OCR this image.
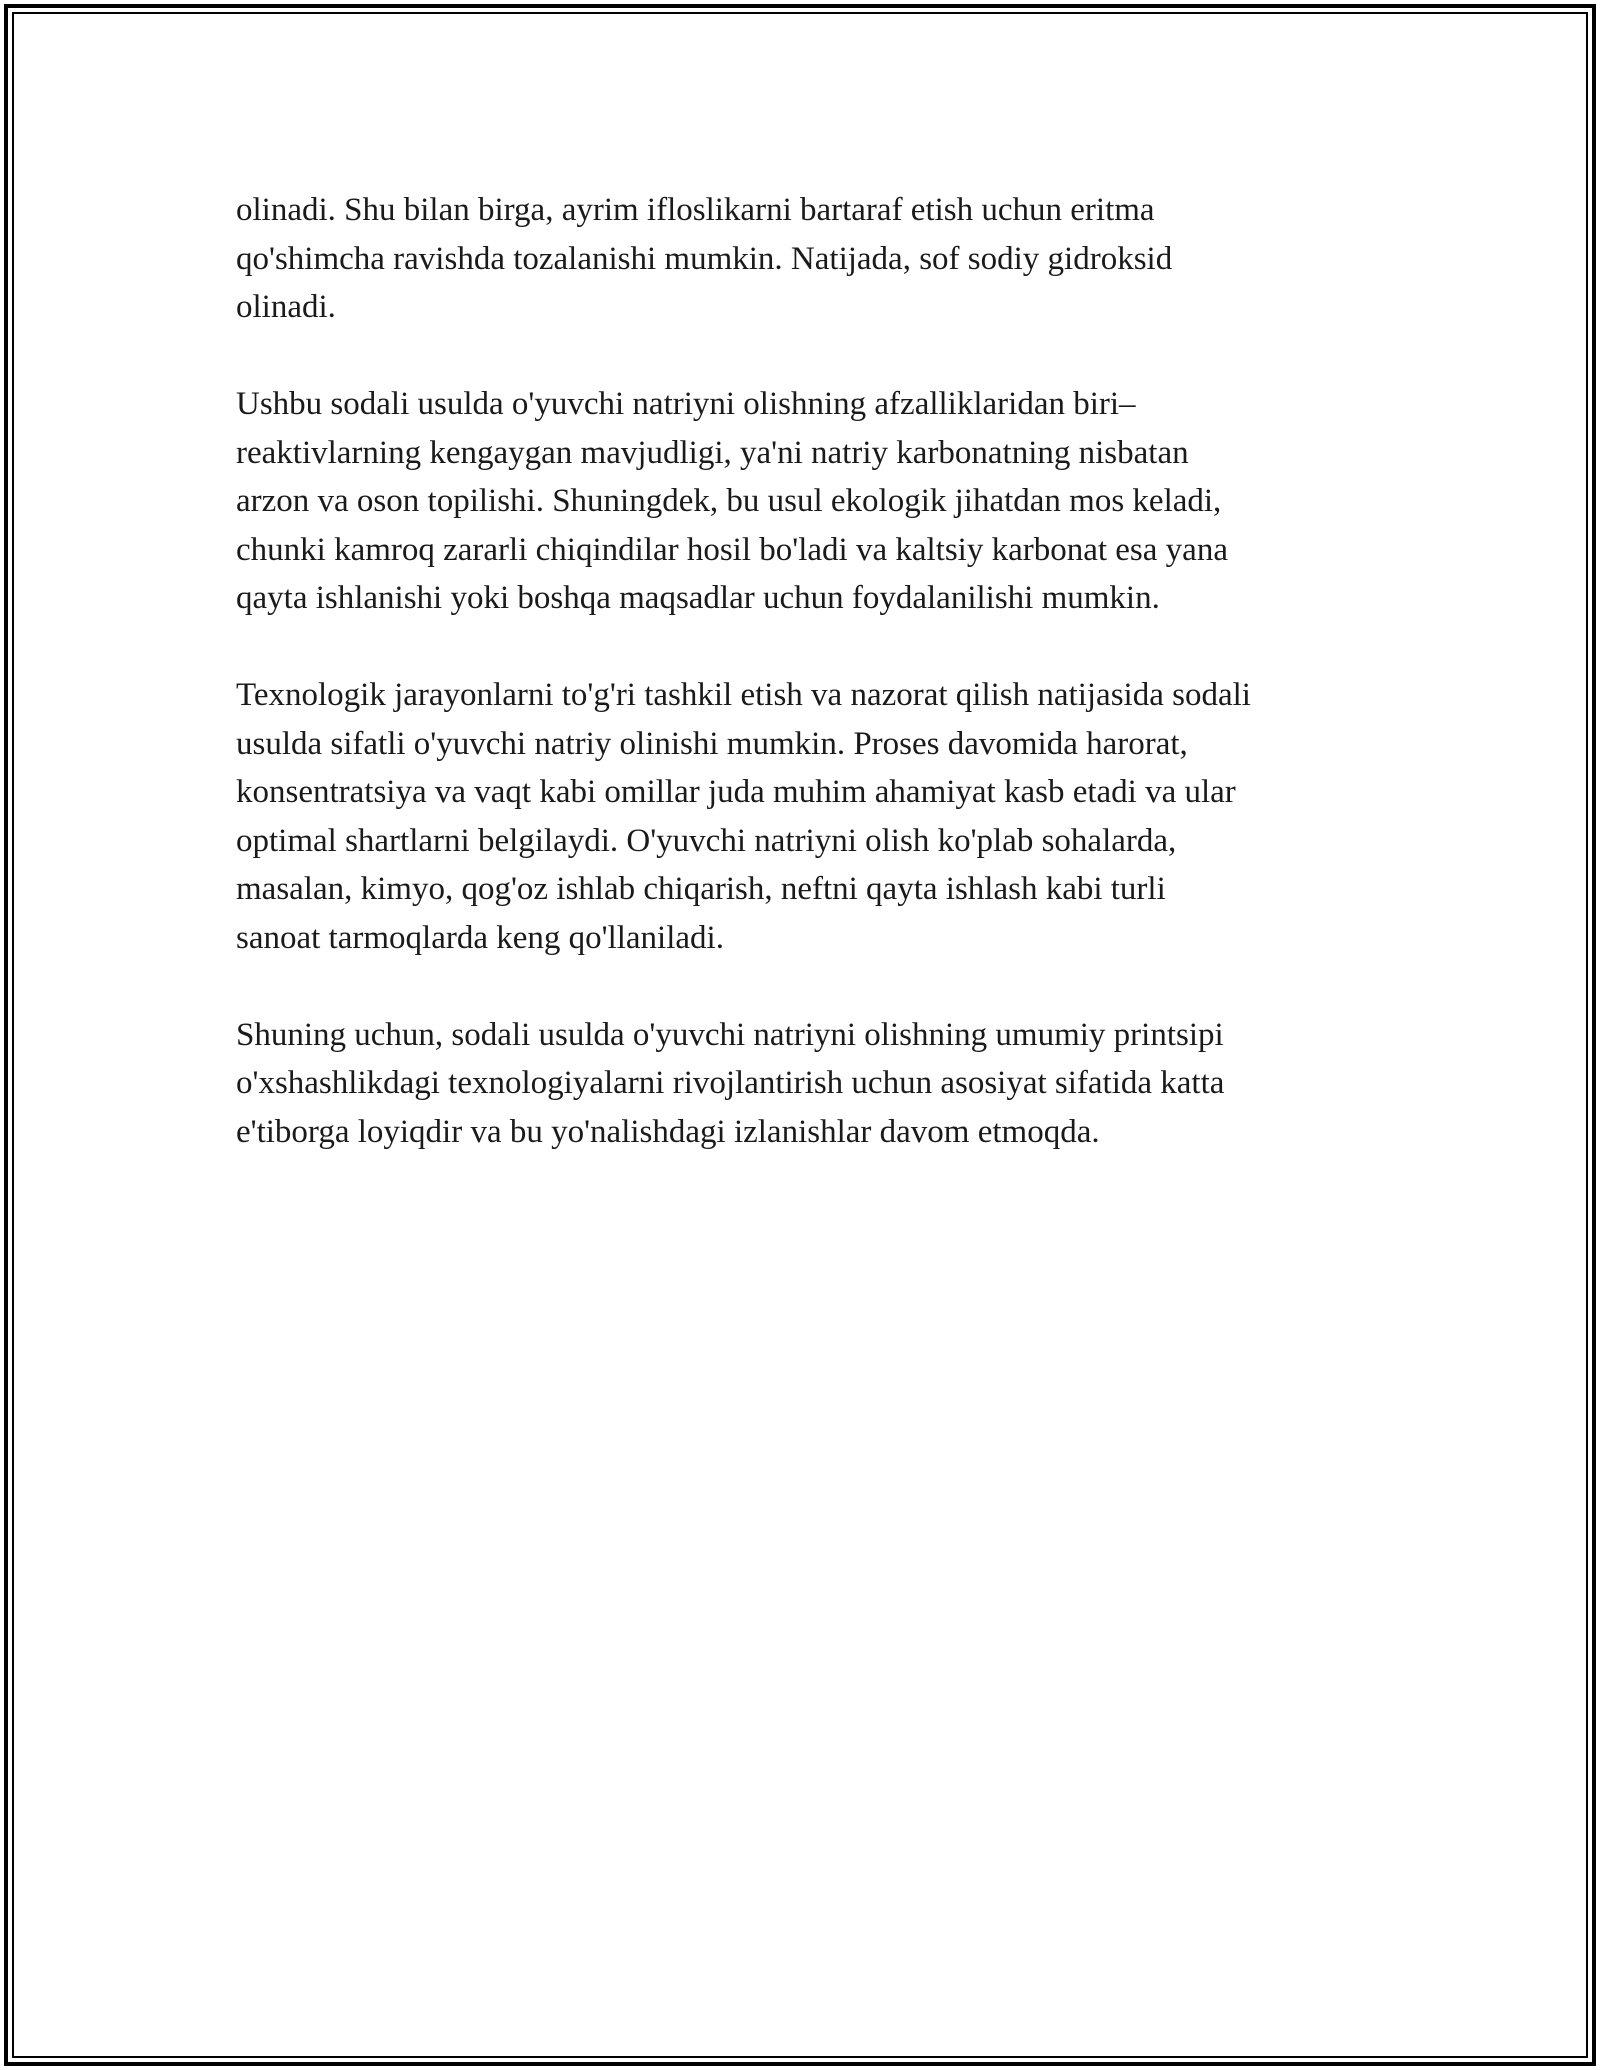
olinadi. Shu bilan birga, ayrim ifloslikarni bartaraf etish uchun eritma
qo'shimcha ravishda tozalanishi mumkin. Natijada, sof sodiy gidroksid
olinadi.

Ushbu sodali usulda o'yuvchi natriyni olishning afzalliklaridan biri–
reaktivlarning kengaygan mavjudligi, ya'ni natriy karbonatning nisbatan
arzon va oson topilishi. Shuningdek, bu usul ekologik jihatdan mos keladi,
chunki kamroq zararli chiqindilar hosil bo'ladi va kaltsiy karbonat esa yana
qayta ishlanishi yoki boshqa maqsadlar uchun foydalanilishi mumkin.

Texnologik jarayonlarni to'g'ri tashkil etish va nazorat qilish natijasida sodali
usulda sifatli o'yuvchi natriy olinishi mumkin. Proses davomida harorat,
konsentratsiya va vaqt kabi omillar juda muhim ahamiyat kasb etadi va ular
optimal shartlarni belgilaydi. O'yuvchi natriyni olish ko'plab sohalarda,
masalan, kimyo, qog'oz ishlab chiqarish, neftni qayta ishlash kabi turli
sanoat tarmoqlarda keng qo'llaniladi.

Shuning uchun, sodali usulda o'yuvchi natriyni olishning umumiy printsipi
o'xshashlikdagi texnologiyalarni rivojlantirish uchun asosiyat sifatida katta
e'tiborga loyiqdir va bu yo'nalishdagi izlanishlar davom etmoqda.
